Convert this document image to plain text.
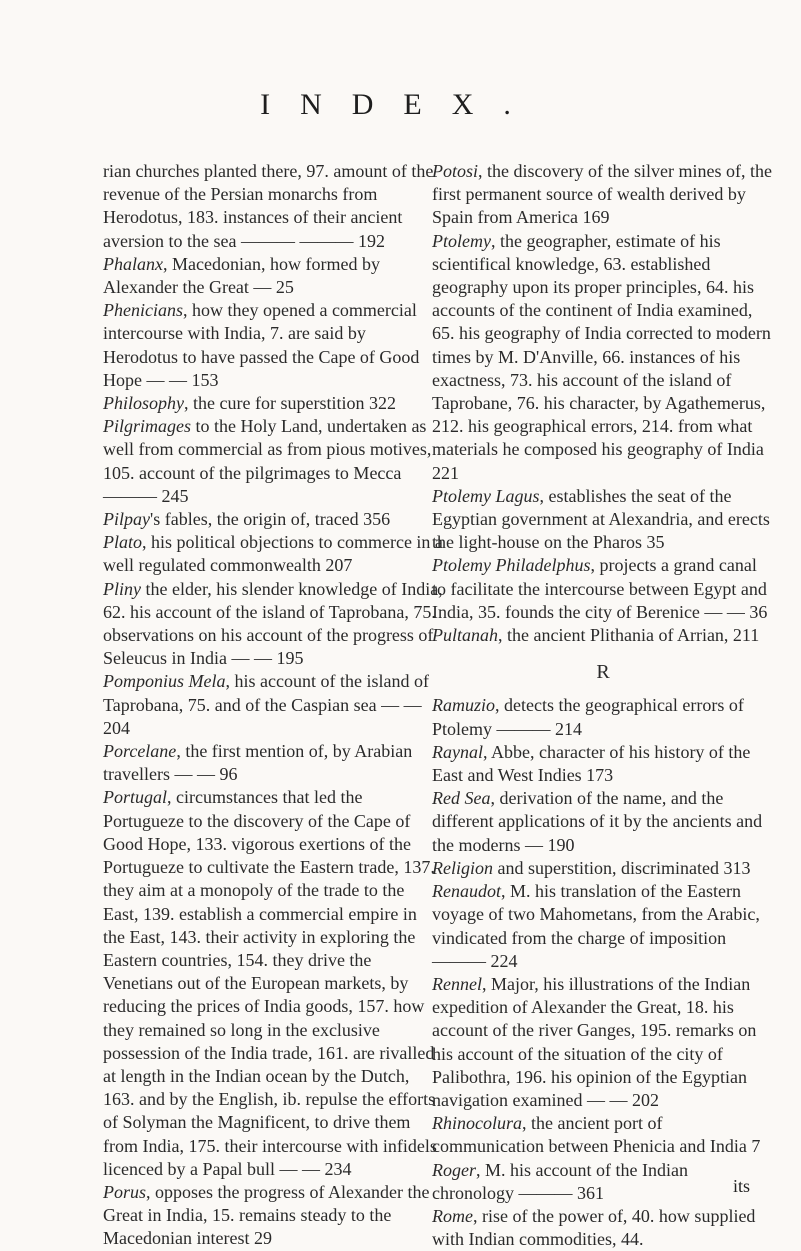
INDEX.

rian churches planted there, 97. amount of the revenue of the Persian monarchs from Herodotus, 183. instances of their ancient aversion to the sea ——— ——— 192

Phalanx, Macedonian, how formed by Alexander the Great — 25

Phenicians, how they opened a commercial intercourse with India, 7. are said by Herodotus to have passed the Cape of Good Hope — — 153

Philosophy, the cure for superstition 322

Pilgrimages to the Holy Land, undertaken as well from commercial as from pious motives, 105. account of the pilgrimages to Mecca ——— 245

Pilpay's fables, the origin of, traced 356

Plato, his political objections to commerce in a well regulated commonwealth 207

Pliny the elder, his slender knowledge of India, 62. his account of the island of Taprobana, 75. observations on his account of the progress of Seleucus in India — — 195

Pomponius Mela, his account of the island of Taprobana, 75. and of the Caspian sea — — 204

Porcelane, the first mention of, by Arabian travellers — — 96

Portugal, circumstances that led the Portugueze to the discovery of the Cape of Good Hope, 133. vigorous exertions of the Portugueze to cultivate the Eastern trade, 137. they aim at a monopoly of the trade to the East, 139. establish a commercial empire in the East, 143. their activity in exploring the Eastern countries, 154. they drive the Venetians out of the European markets, by reducing the prices of India goods, 157. how they remained so long in the exclusive possession of the India trade, 161. are rivalled at length in the Indian ocean by the Dutch, 163. and by the English, ib. repulse the efforts of Solyman the Magnificent, to drive them from India, 175. their intercourse with infidels licenced by a Papal bull — — 234

Porus, opposes the progress of Alexander the Great in India, 15. remains steady to the Macedonian interest 29

Potosi, the discovery of the silver mines of, the first permanent source of wealth derived by Spain from America 169

Ptolemy, the geographer, estimate of his scientifical knowledge, 63. established geography upon its proper principles, 64. his accounts of the continent of India examined, 65. his geography of India corrected to modern times by M. D'Anville, 66. instances of his exactness, 73. his account of the island of Taprobane, 76. his character, by Agathemerus, 212. his geographical errors, 214. from what materials he composed his geography of India 221

Ptolemy Lagus, establishes the seat of the Egyptian government at Alexandria, and erects the light-house on the Pharos 35

Ptolemy Philadelphus, projects a grand canal to facilitate the intercourse between Egypt and India, 35. founds the city of Berenice — — 36

Pultanah, the ancient Plithania of Arrian, 211

R

Ramuzio, detects the geographical errors of Ptolemy ——— 214

Raynal, Abbe, character of his history of the East and West Indies 173

Red Sea, derivation of the name, and the different applications of it by the ancients and the moderns — 190

Religion and superstition, discriminated 313

Renaudot, M. his translation of the Eastern voyage of two Mahometans, from the Arabic, vindicated from the charge of imposition ——— 224

Rennel, Major, his illustrations of the Indian expedition of Alexander the Great, 18. his account of the river Ganges, 195. remarks on his account of the situation of the city of Palibothra, 196. his opinion of the Egyptian navigation examined — — 202

Rhinocolura, the ancient port of communication between Phenicia and India 7

Roger, M. his account of the Indian chronology ——— 361

Rome, rise of the power of, 40. how supplied with Indian commodities, 44.

its
